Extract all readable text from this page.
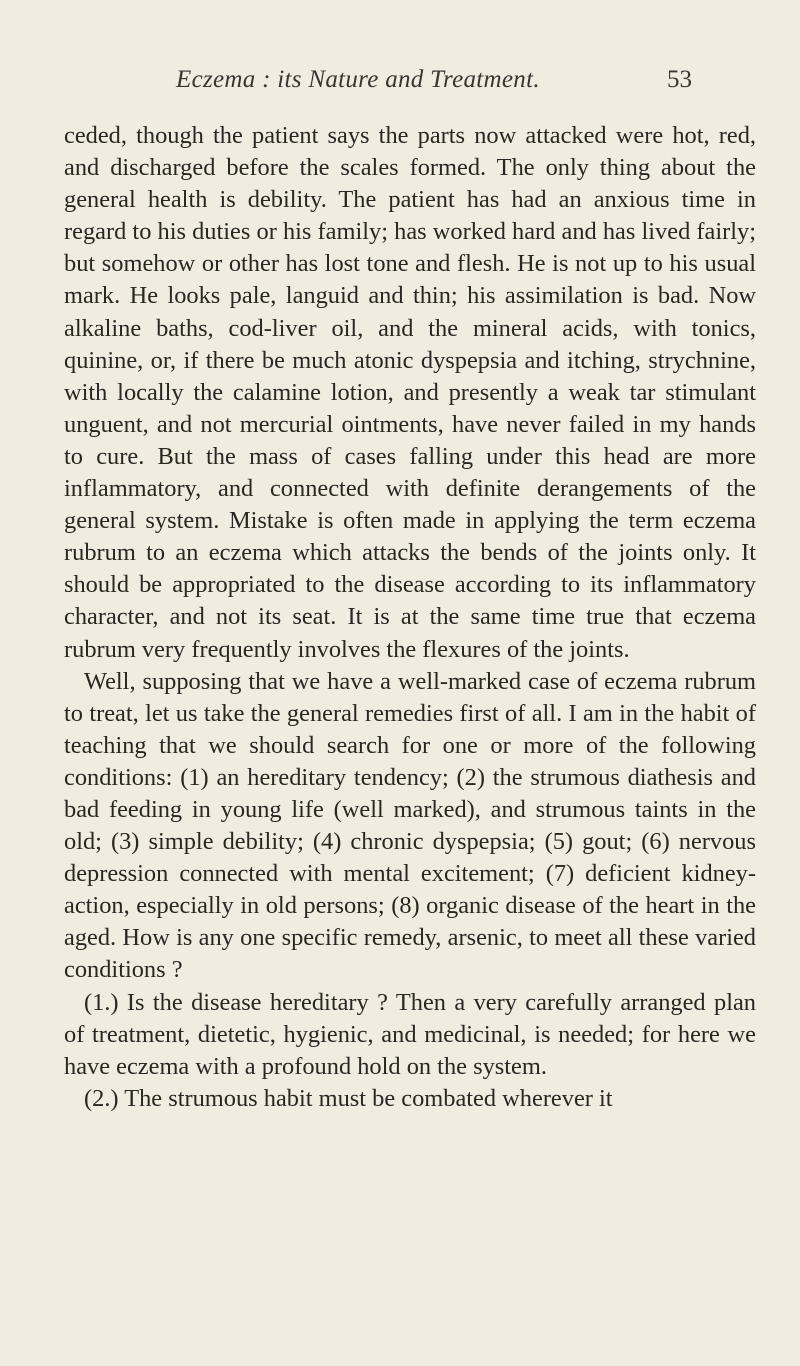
Eczema : its Nature and Treatment.	53

ceded, though the patient says the parts now attacked were hot, red, and discharged before the scales formed. The only thing about the general health is debility. The patient has had an anxious time in regard to his duties or his family; has worked hard and has lived fairly; but somehow or other has lost tone and flesh. He is not up to his usual mark. He looks pale, languid and thin; his assimilation is bad. Now alkaline baths, cod-liver oil, and the mineral acids, with tonics, quinine, or, if there be much atonic dyspepsia and itching, strychnine, with locally the calamine lotion, and presently a weak tar stimulant unguent, and not mercurial ointments, have never failed in my hands to cure. But the mass of cases falling under this head are more inflammatory, and connected with definite derangements of the general system. Mistake is often made in applying the term eczema rubrum to an eczema which attacks the bends of the joints only. It should be appropriated to the disease according to its inflammatory character, and not its seat. It is at the same time true that eczema rubrum very frequently involves the flexures of the joints.

Well, supposing that we have a well-marked case of eczema rubrum to treat, let us take the general remedies first of all. I am in the habit of teaching that we should search for one or more of the following conditions: (1) an hereditary tendency; (2) the strumous diathesis and bad feeding in young life (well marked), and strumous taints in the old; (3) simple debility; (4) chronic dyspepsia; (5) gout; (6) nervous depression connected with mental excitement; (7) deficient kidney-action, especially in old persons; (8) organic disease of the heart in the aged. How is any one specific remedy, arsenic, to meet all these varied conditions ?

(1.) Is the disease hereditary ? Then a very carefully arranged plan of treatment, dietetic, hygienic, and medicinal, is needed; for here we have eczema with a profound hold on the system.

(2.) The strumous habit must be combated wherever it
